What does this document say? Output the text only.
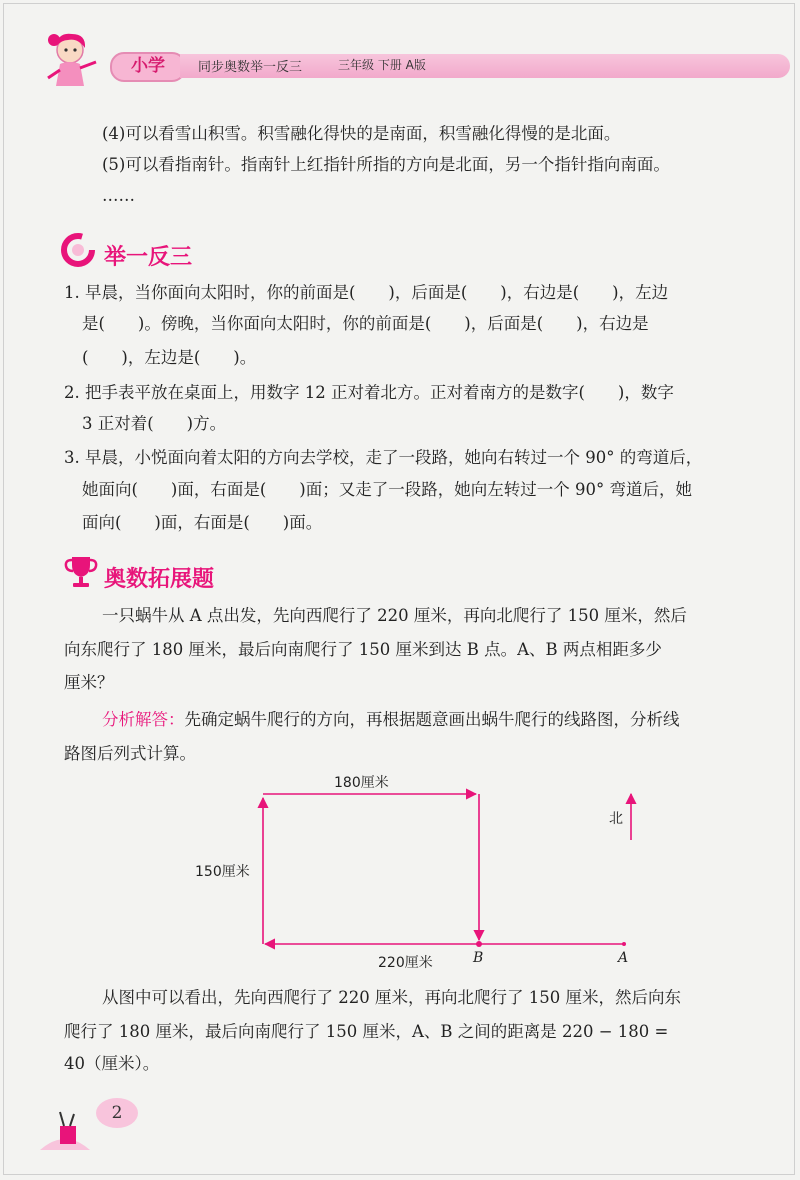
小学	同步奥数举一反三	三年级 下册 A版
(4)可以看雪山积雪。积雪融化得快的是南面，积雪融化得慢的是北面。
(5)可以看指南针。指南针上红指针所指的方向是北面，另一个指针指向南面。
……
举一反三
1. 早晨，当你面向太阳时，你的前面是(　　)，后面是(　　)，右边是(　　)，左边
是(　　)。傍晚，当你面向太阳时，你的前面是(　　)，后面是(　　)，右边是
(　　)，左边是(　　)。
2. 把手表平放在桌面上，用数字 12 正对着北方。正对着南方的是数字(　　)，数字
3 正对着(　　)方。
3. 早晨，小悦面向着太阳的方向去学校，走了一段路，她向右转过一个 90° 的弯道后，
她面向(　　)面，右面是(　　)面；又走了一段路，她向左转过一个 90° 弯道后，她
面向(　　)面，右面是(　　)面。
奥数拓展题
一只蜗牛从 A 点出发，先向西爬行了 220 厘米，再向北爬行了 150 厘米，然后
向东爬行了 180 厘米，最后向南爬行了 150 厘米到达 B 点。A、B 两点相距多少
厘米？
分析解答：先确定蜗牛爬行的方向，再根据题意画出蜗牛爬行的线路图，分析线
路图后列式计算。
180厘米
150厘米
220厘米	B	A
北
从图中可以看出，先向西爬行了 220 厘米，再向北爬行了 150 厘米，然后向东
爬行了 180 厘米，最后向南爬行了 150 厘米，A、B 之间的距离是 220 − 180 =
40（厘米）。
2
